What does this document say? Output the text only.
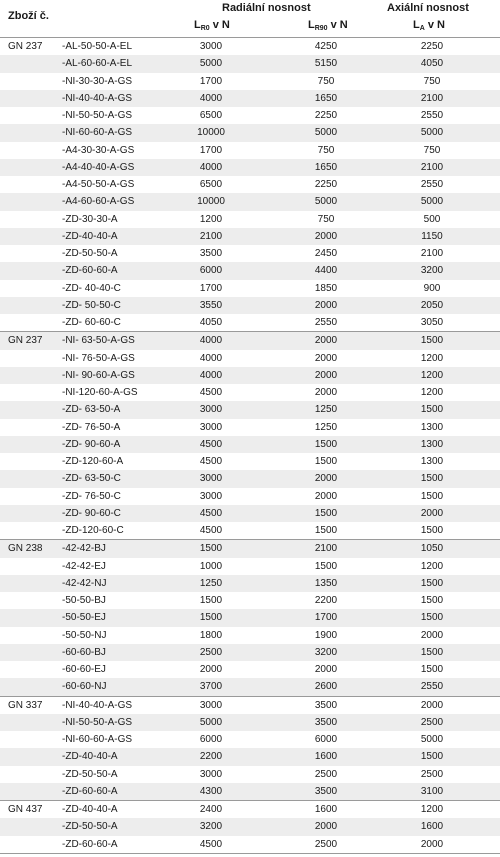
Zboží č.
Radiální nosnost	Axiální nosnost
$L_{R0}$ v N	$L_{R90}$ v N	$L_A$ v N
GN 237 -AL-50-50-A-EL	3000	4250	2250
-AL-60-60-A-EL	5000	5150	4050
-NI-30-30-A-GS	1700	750	750
-NI-40-40-A-GS	4000	1650	2100
-NI-50-50-A-GS	6500	2250	2550
-NI-60-60-A-GS	10000	5000	5000
-A4-30-30-A-GS	1700	750	750
-A4-40-40-A-GS	4000	1650	2100
-A4-50-50-A-GS	6500	2250	2550
-A4-60-60-A-GS	10000	5000	5000
-ZD-30-30-A	1200	750	500
-ZD-40-40-A	2100	2000	1150
-ZD-50-50-A	3500	2450	2100
-ZD-60-60-A	6000	4400	3200
-ZD- 40-40-C	1700	1850	900
-ZD- 50-50-C	3550	2000	2050
-ZD- 60-60-C	4050	2550	3050
GN 237 -NI- 63-50-A-GS	4000	2000	1500
-NI- 76-50-A-GS	4000	2000	1200
-NI- 90-60-A-GS	4000	2000	1200
-NI-120-60-A-GS	4500	2000	1200
-ZD- 63-50-A	3000	1250	1500
-ZD- 76-50-A	3000	1250	1300
-ZD- 90-60-A	4500	1500	1300
-ZD-120-60-A	4500	1500	1300
-ZD- 63-50-C	3000	2000	1500
-ZD- 76-50-C	3000	2000	1500
-ZD- 90-60-C	4500	1500	2000
-ZD-120-60-C	4500	1500	1500
GN 238 -42-42-BJ	1500	2100	1050
-42-42-EJ	1000	1500	1200
-42-42-NJ	1250	1350	1500
-50-50-BJ	1500	2200	1500
-50-50-EJ	1500	1700	1500
-50-50-NJ	1800	1900	2000
-60-60-BJ	2500	3200	1500
-60-60-EJ	2000	2000	1500
-60-60-NJ	3700	2600	2550
GN 337 -NI-40-40-A-GS	3000	3500	2000
-NI-50-50-A-GS	5000	3500	2500
-NI-60-60-A-GS	6000	6000	5000
-ZD-40-40-A	2200	1600	1500
-ZD-50-50-A	3000	2500	2500
-ZD-60-60-A	4300	3500	3100
GN 437 -ZD-40-40-A	2400	1600	1200
-ZD-50-50-A	3200	2000	1600
-ZD-60-60-A	4500	2500	2000
